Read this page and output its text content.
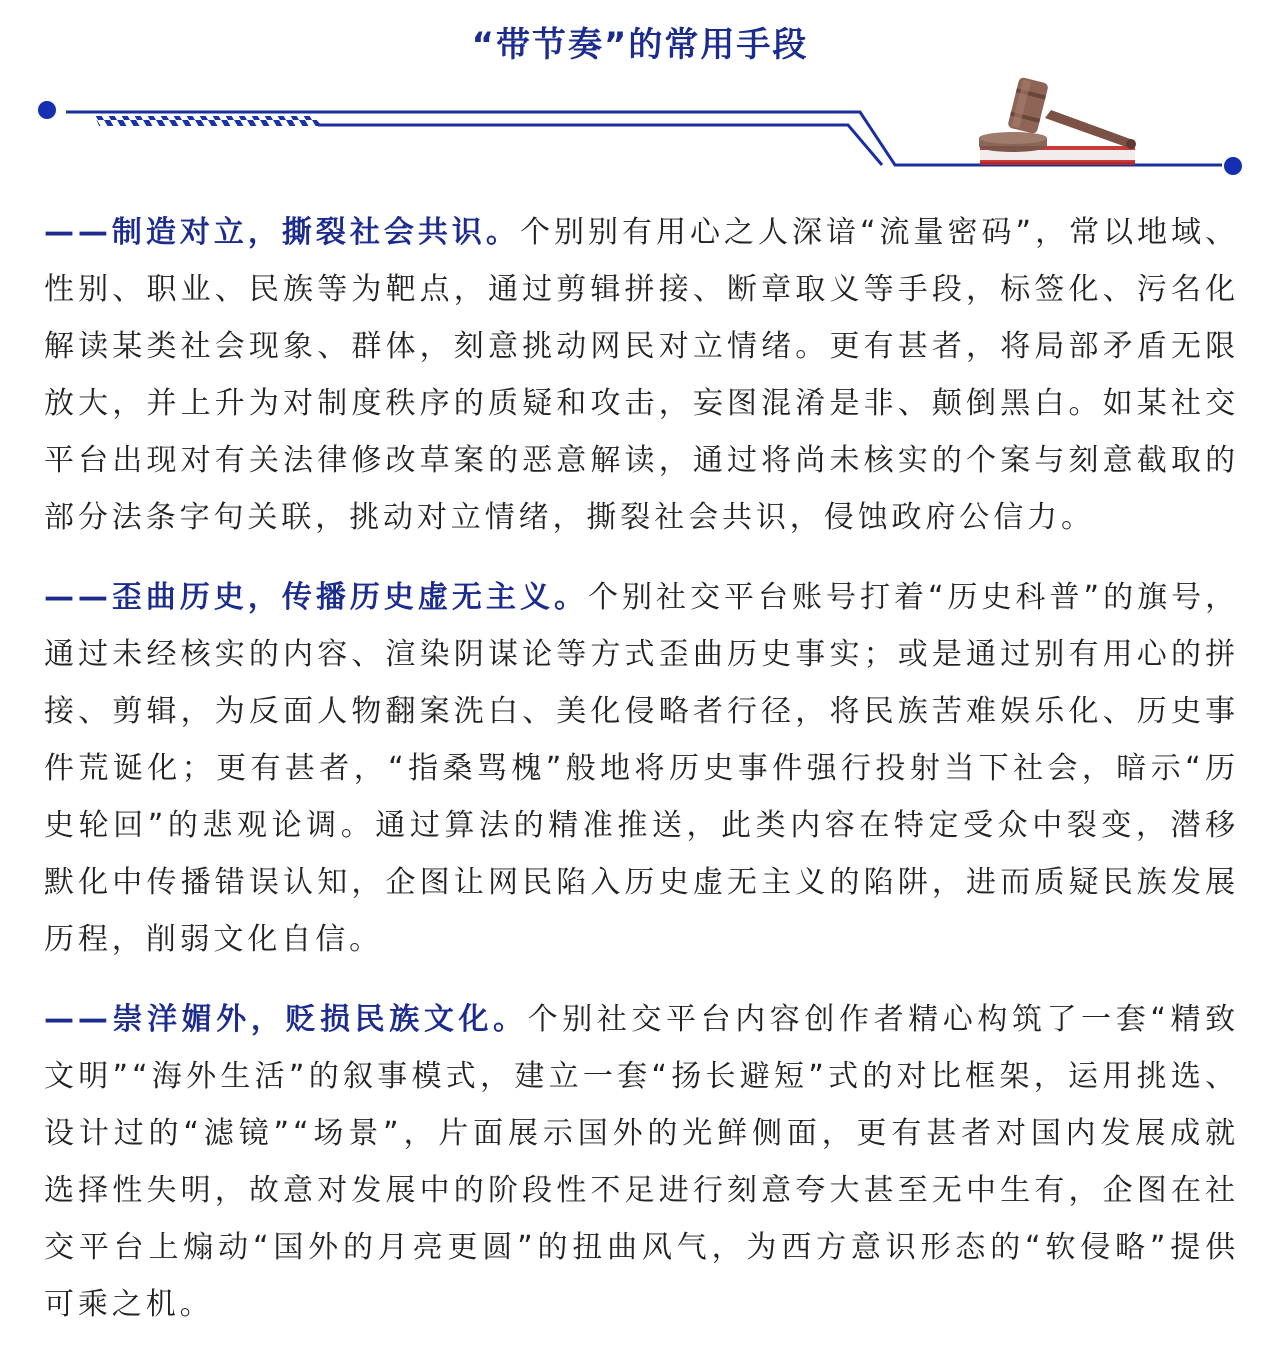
“带节奏”的常用手段

——制造对立，撕裂社会共识。个别别有用心之人深谙“流量密码”，常以地域、性别、职业、民族等为靶点，通过剪辑拼接、断章取义等手段，标签化、污名化解读某类社会现象、群体，刻意挑动网民对立情绪。更有甚者，将局部矛盾无限放大，并上升为对制度秩序的质疑和攻击，妄图混淆是非、颠倒黑白。如某社交平台出现对有关法律修改草案的恶意解读，通过将尚未核实的个案与刻意截取的部分法条字句关联，挑动对立情绪，撕裂社会共识，侵蚀政府公信力。

——歪曲历史，传播历史虚无主义。个别社交平台账号打着“历史科普”的旗号，通过未经核实的内容、渲染阴谋论等方式歪曲历史事实；或是通过别有用心的拼接、剪辑，为反面人物翻案洗白、美化侵略者行径，将民族苦难娱乐化、历史事件荒诞化；更有甚者，“指桑骂槐”般地将历史事件强行投射当下社会，暗示“历史轮回”的悲观论调。通过算法的精准推送，此类内容在特定受众中裂变，潜移默化中传播错误认知，企图让网民陷入历史虚无主义的陷阱，进而质疑民族发展历程，削弱文化自信。

——崇洋媚外，贬损民族文化。个别社交平台内容创作者精心构筑了一套“精致文明”“海外生活”的叙事模式，建立一套“扬长避短”式的对比框架，运用挑选、设计过的“滤镜”“场景”，片面展示国外的光鲜侧面，更有甚者对国内发展成就选择性失明，故意对发展中的阶段性不足进行刻意夸大甚至无中生有，企图在社交平台上煽动“国外的月亮更圆”的扭曲风气，为西方意识形态的“软侵略”提供可乘之机。
